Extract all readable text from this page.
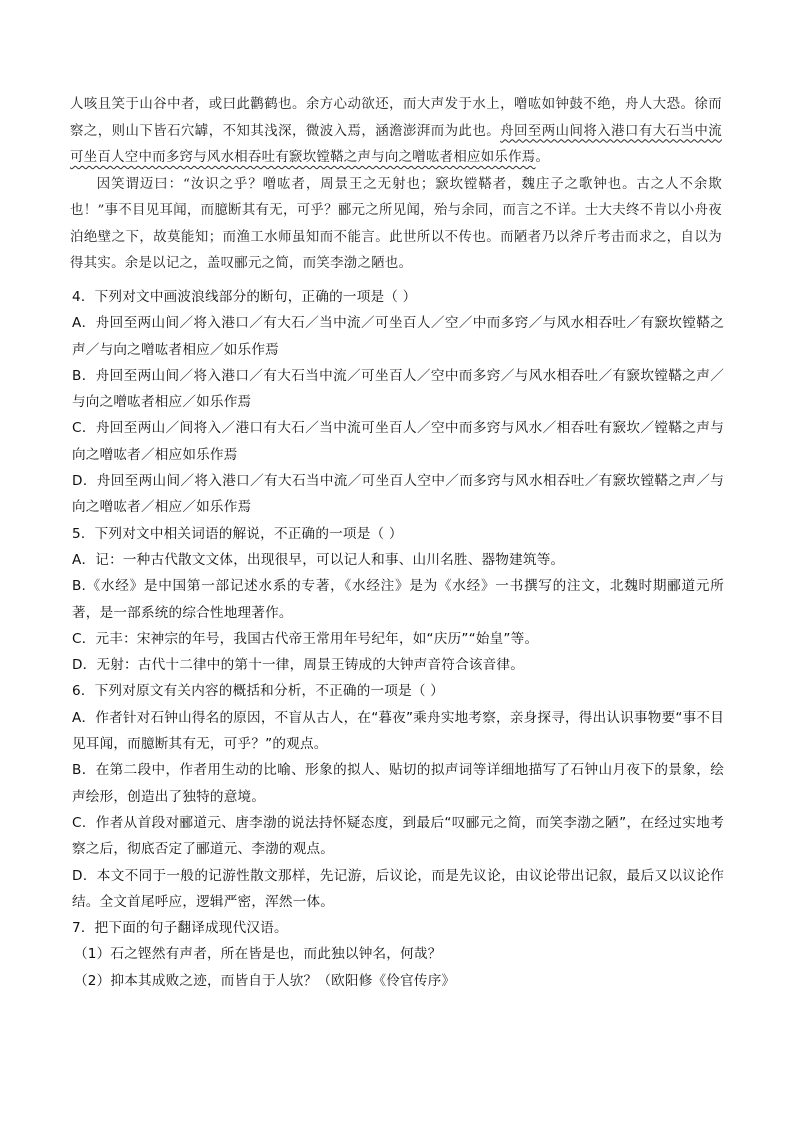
人咳且笑于山谷中者，或曰此鹳鹤也。余方心动欲还，而大声发于水上，噌吰如钟鼓不绝，舟人大恐。徐而察之，则山下皆石穴罅，不知其浅深，微波入焉，涵澹澎湃而为此也。舟回至两山间将入港口有大石当中流可坐百人空中而多窍与风水相吞吐有窾坎镗鞳之声与向之噌吰者相应如乐作焉。

因笑谓迈曰：“汝识之乎？噌吰者，周景王之无射也；窾坎镗鞳者，魏庄子之歌钟也。古之人不余欺也！”事不目见耳闻，而臆断其有无，可乎？郦元之所见闻，殆与余同，而言之不详。士大夫终不肯以小舟夜泊绝壁之下，故莫能知；而渔工水师虽知而不能言。此世所以不传也。而陋者乃以斧斤考击而求之，自以为得其实。余是以记之，盖叹郦元之简，而笑李渤之陋也。

4．下列对文中画波浪线部分的断句，正确的一项是（ ）

A．舟回至两山间／将入港口／有大石／当中流／可坐百人／空／中而多窍／与风水相吞吐／有窾坎镗鞳之声／与向之噌吰者相应／如乐作焉

B．舟回至两山间／将入港口／有大石当中流／可坐百人／空中而多窍／与风水相吞吐／有窾坎镗鞳之声／与向之噌吰者相应／如乐作焉

C．舟回至两山／间将入／港口有大石／当中流可坐百人／空中而多窍与风水／相吞吐有窾坎／镗鞳之声与向之噌吰者／相应如乐作焉

D．舟回至两山间／将入港口／有大石当中流／可坐百人空中／而多窍与风水相吞吐／有窾坎镗鞳之声／与向之噌吰者／相应／如乐作焉

5．下列对文中相关词语的解说，不正确的一项是（ ）

A．记：一种古代散文文体，出现很早，可以记人和事、山川名胜、器物建筑等。

B.《水经》是中国第一部记述水系的专著，《水经注》是为《水经》一书撰写的注文，北魏时期郦道元所著，是一部系统的综合性地理著作。

C．元丰：宋神宗的年号，我国古代帝王常用年号纪年，如“庆历”“始皇”等。

D．无射：古代十二律中的第十一律，周景王铸成的大钟声音符合该音律。

6．下列对原文有关内容的概括和分析，不正确的一项是（ ）

A．作者针对石钟山得名的原因，不盲从古人，在“暮夜”乘舟实地考察，亲身探寻，得出认识事物要“事不目见耳闻，而臆断其有无，可乎？”的观点。

B．在第二段中，作者用生动的比喻、形象的拟人、贴切的拟声词等详细地描写了石钟山月夜下的景象，绘声绘形，创造出了独特的意境。

C．作者从首段对郦道元、唐李渤的说法持怀疑态度，到最后“叹郦元之简，而笑李渤之陋”，在经过实地考察之后，彻底否定了郦道元、李渤的观点。

D．本文不同于一般的记游性散文那样，先记游，后议论，而是先议论，由议论带出记叙，最后又以议论作结。全文首尾呼应，逻辑严密，浑然一体。

7．把下面的句子翻译成现代汉语。

（1）石之铿然有声者，所在皆是也，而此独以钟名，何哉？

（2）抑本其成败之迹，而皆自于人欤？（欧阳修《伶官传序》
